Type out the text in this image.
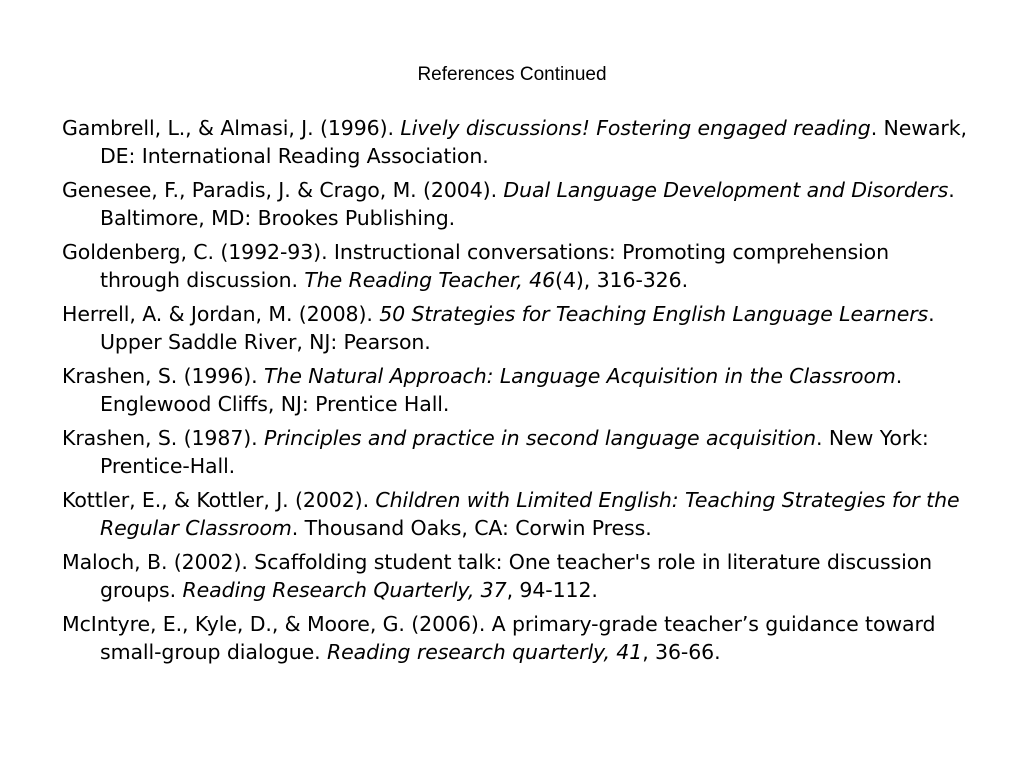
References Continued
Gambrell, L., & Almasi, J. (1996). Lively discussions! Fostering engaged reading. Newark, DE: International Reading Association.
Genesee, F., Paradis, J. & Crago, M. (2004). Dual Language Development and Disorders. Baltimore, MD: Brookes Publishing.
Goldenberg, C. (1992-93). Instructional conversations: Promoting comprehension through discussion. The Reading Teacher, 46(4), 316-326.
Herrell, A. & Jordan, M. (2008). 50 Strategies for Teaching English Language Learners. Upper Saddle River, NJ: Pearson.
Krashen, S. (1996). The Natural Approach: Language Acquisition in the Classroom. Englewood Cliffs, NJ: Prentice Hall.
Krashen, S. (1987). Principles and practice in second language acquisition. New York: Prentice-Hall.
Kottler, E., & Kottler, J. (2002). Children with Limited English: Teaching Strategies for the Regular Classroom. Thousand Oaks, CA: Corwin Press.
Maloch, B. (2002). Scaffolding student talk: One teacher's role in literature discussion groups. Reading Research Quarterly, 37, 94-112.
McIntyre, E., Kyle, D., & Moore, G. (2006). A primary-grade teacher’s guidance toward small-group dialogue. Reading research quarterly, 41, 36-66.
